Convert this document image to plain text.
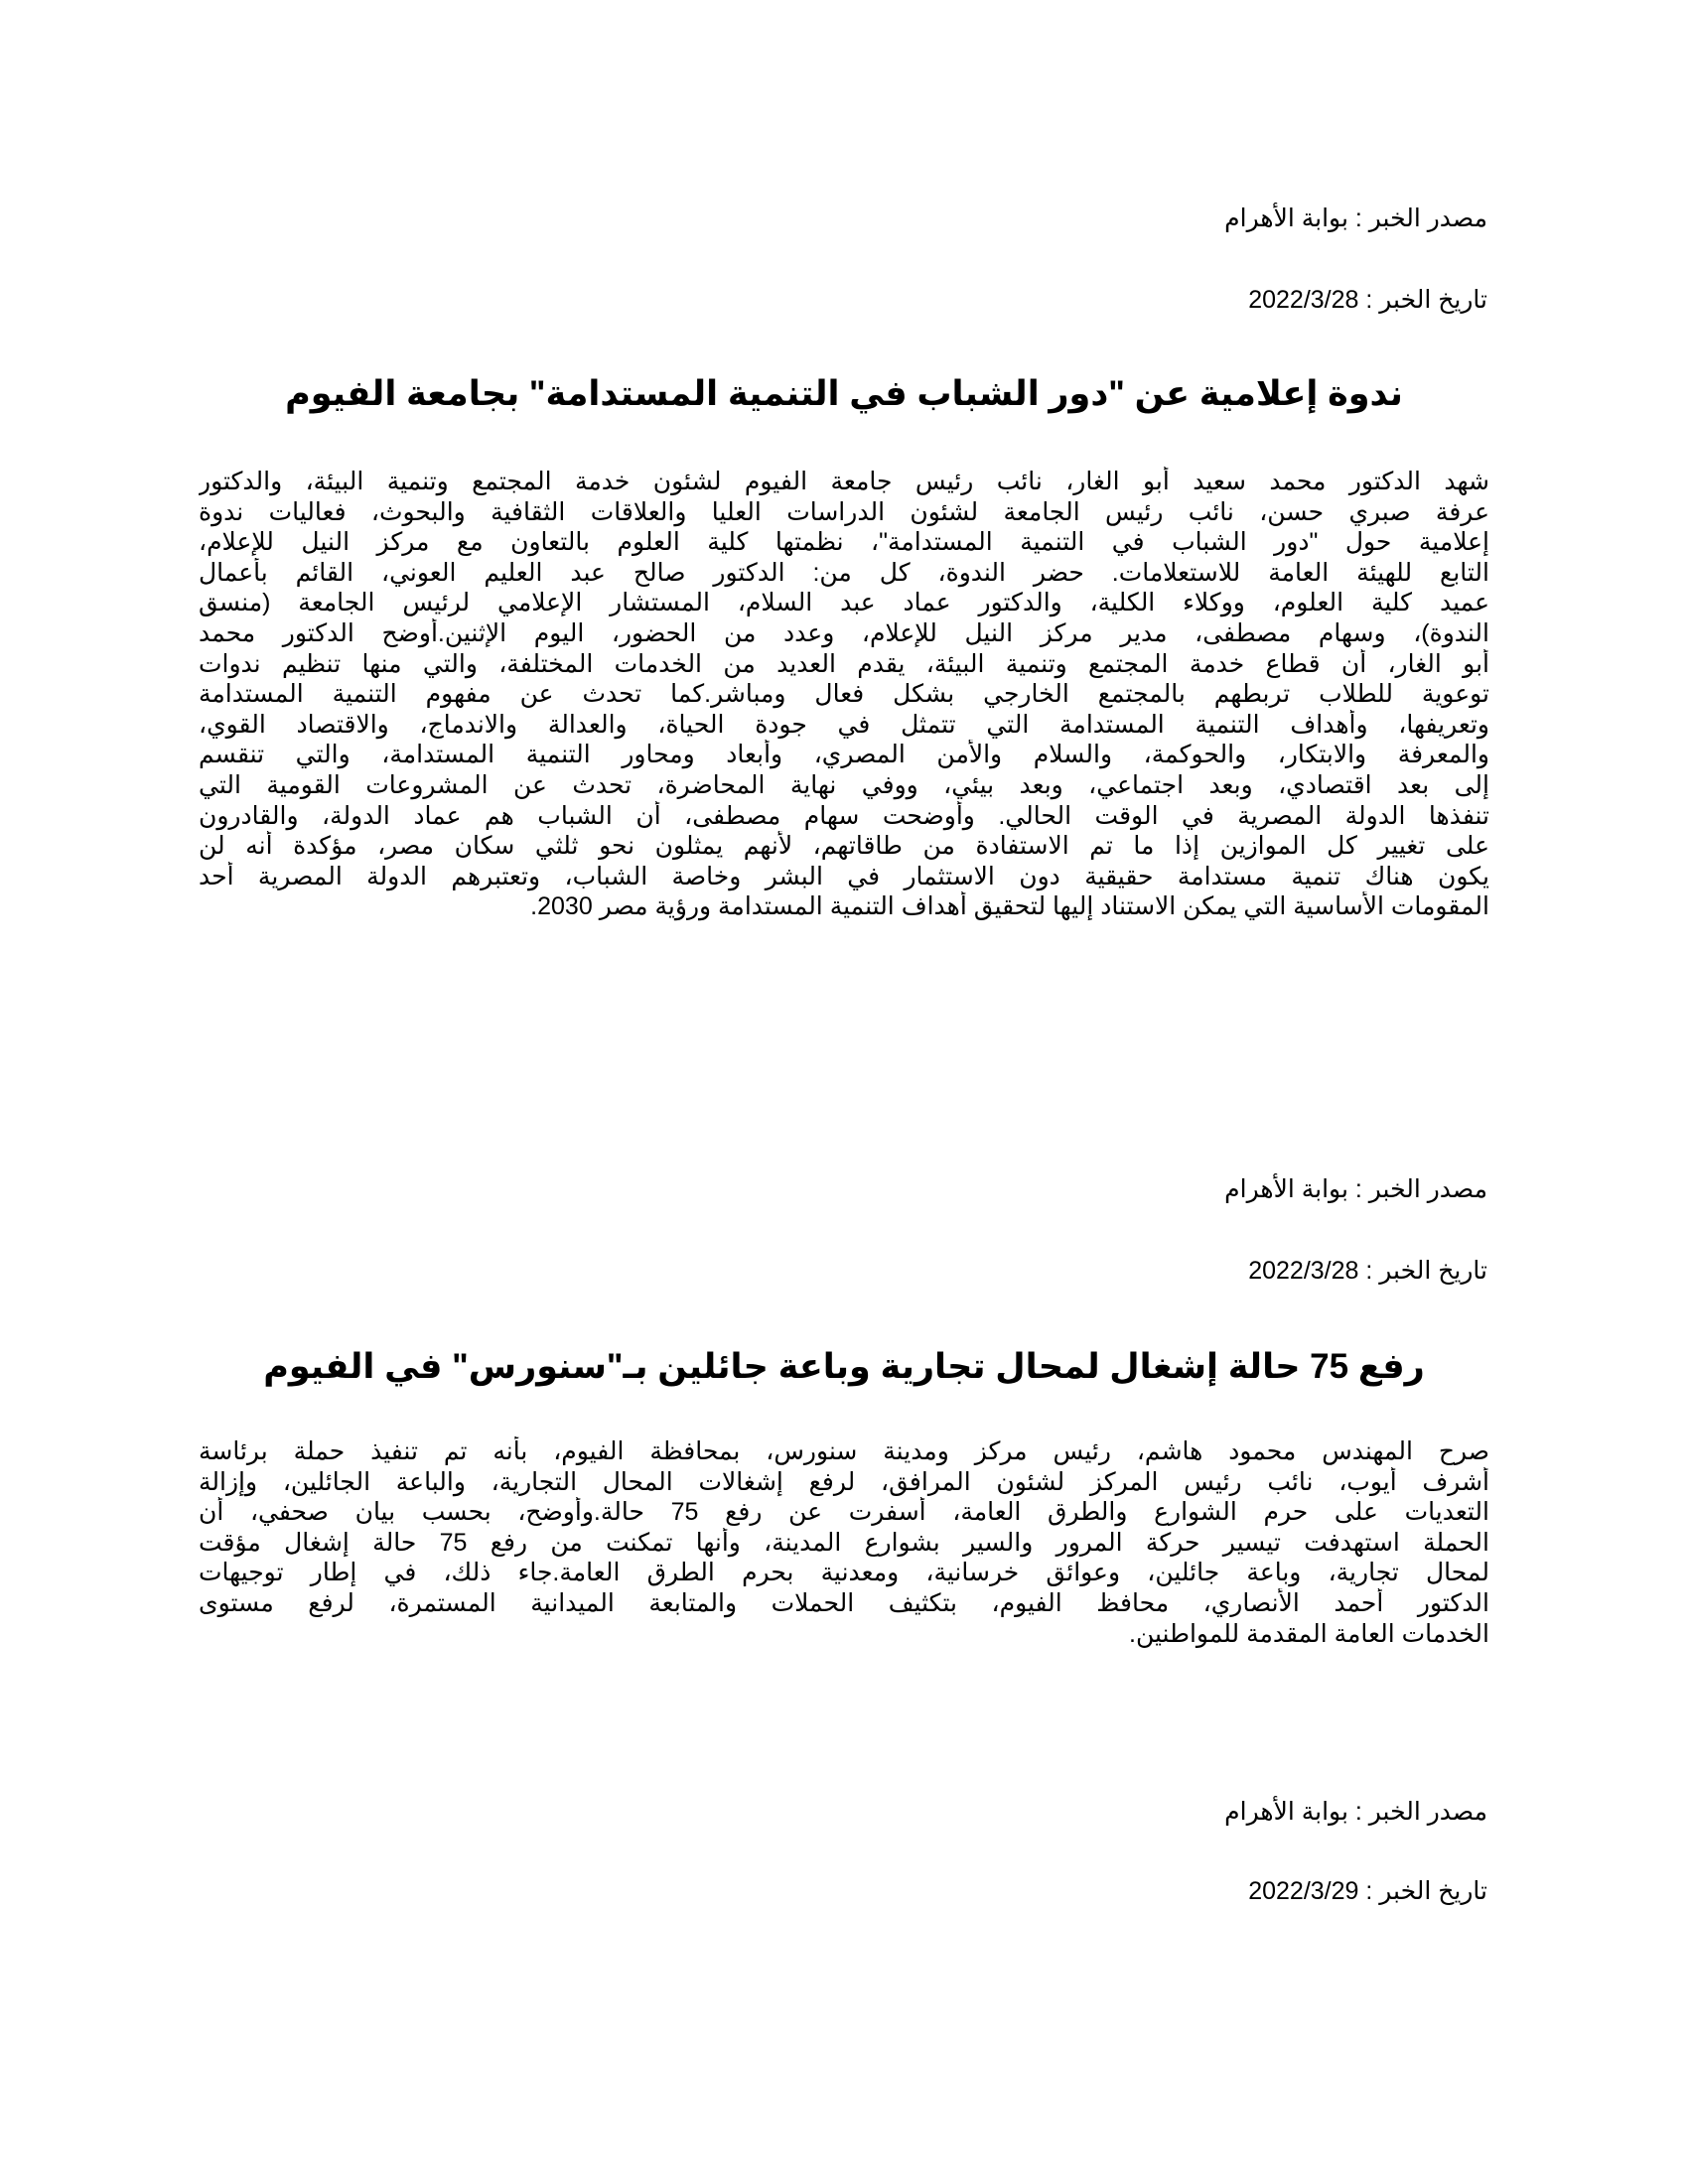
مصدر الخبر : بوابة الأهرام
تاريخ الخبر : 2022/3/28
ندوة إعلامية عن "دور الشباب في التنمية المستدامة" بجامعة الفيوم
شهد الدكتور محمد سعيد أبو الغار، نائب رئيس جامعة الفيوم لشئون خدمة المجتمع وتنمية البيئة، والدكتور
عرفة صبري حسن، نائب رئيس الجامعة لشئون الدراسات العليا والعلاقات الثقافية والبحوث، فعاليات ندوة
إعلامية حول "دور الشباب في التنمية المستدامة"، نظمتها كلية العلوم بالتعاون مع مركز النيل للإعلام،
التابع للهيئة العامة للاستعلامات. حضر الندوة، كل من: الدكتور صالح عبد العليم العوني، القائم بأعمال
عميد كلية العلوم، ووكلاء الكلية، والدكتور عماد عبد السلام، المستشار الإعلامي لرئيس الجامعة (منسق
الندوة)، وسهام مصطفى، مدير مركز النيل للإعلام، وعدد من الحضور، اليوم الإثنين.أوضح الدكتور محمد
أبو الغار، أن قطاع خدمة المجتمع وتنمية البيئة، يقدم العديد من الخدمات المختلفة، والتي منها تنظيم ندوات
توعوية للطلاب تربطهم بالمجتمع الخارجي بشكل فعال ومباشر.كما تحدث عن مفهوم التنمية المستدامة
وتعريفها، وأهداف التنمية المستدامة التي تتمثل في جودة الحياة، والعدالة والاندماج، والاقتصاد القوي،
والمعرفة والابتكار، والحوكمة، والسلام والأمن المصري، وأبعاد ومحاور التنمية المستدامة، والتي تنقسم
إلى بعد اقتصادي، وبعد اجتماعي، وبعد بيئي، ووفي نهاية المحاضرة، تحدث عن المشروعات القومية التي
تنفذها الدولة المصرية في الوقت الحالي. وأوضحت سهام مصطفى، أن الشباب هم عماد الدولة، والقادرون
على تغيير كل الموازين إذا ما تم الاستفادة من طاقاتهم، لأنهم يمثلون نحو ثلثي سكان مصر، مؤكدة أنه لن
يكون هناك تنمية مستدامة حقيقية دون الاستثمار في البشر وخاصة الشباب، وتعتبرهم الدولة المصرية أحد
المقومات الأساسية التي يمكن الاستناد إليها لتحقيق أهداف التنمية المستدامة ورؤية مصر 2030.
مصدر الخبر : بوابة الأهرام
تاريخ الخبر : 2022/3/28
رفع 75 حالة إشغال لمحال تجارية وباعة جائلين بـ"سنورس" في الفيوم
صرح المهندس محمود هاشم، رئيس مركز ومدينة سنورس، بمحافظة الفيوم، بأنه تم تنفيذ حملة برئاسة
أشرف أيوب، نائب رئيس المركز لشئون المرافق، لرفع إشغالات المحال التجارية، والباعة الجائلين، وإزالة
التعديات على حرم الشوارع والطرق العامة، أسفرت عن رفع 75 حالة.وأوضح، بحسب بيان صحفي، أن
الحملة استهدفت تيسير حركة المرور والسير بشوارع المدينة، وأنها تمكنت من رفع 75 حالة إشغال مؤقت
لمحال تجارية، وباعة جائلين، وعوائق خرسانية، ومعدنية بحرم الطرق العامة.جاء ذلك، في إطار توجيهات
الدكتور أحمد الأنصاري، محافظ الفيوم، بتكثيف الحملات والمتابعة الميدانية المستمرة، لرفع مستوى
الخدمات العامة المقدمة للمواطنين.
مصدر الخبر : بوابة الأهرام
تاريخ الخبر : 2022/3/29
